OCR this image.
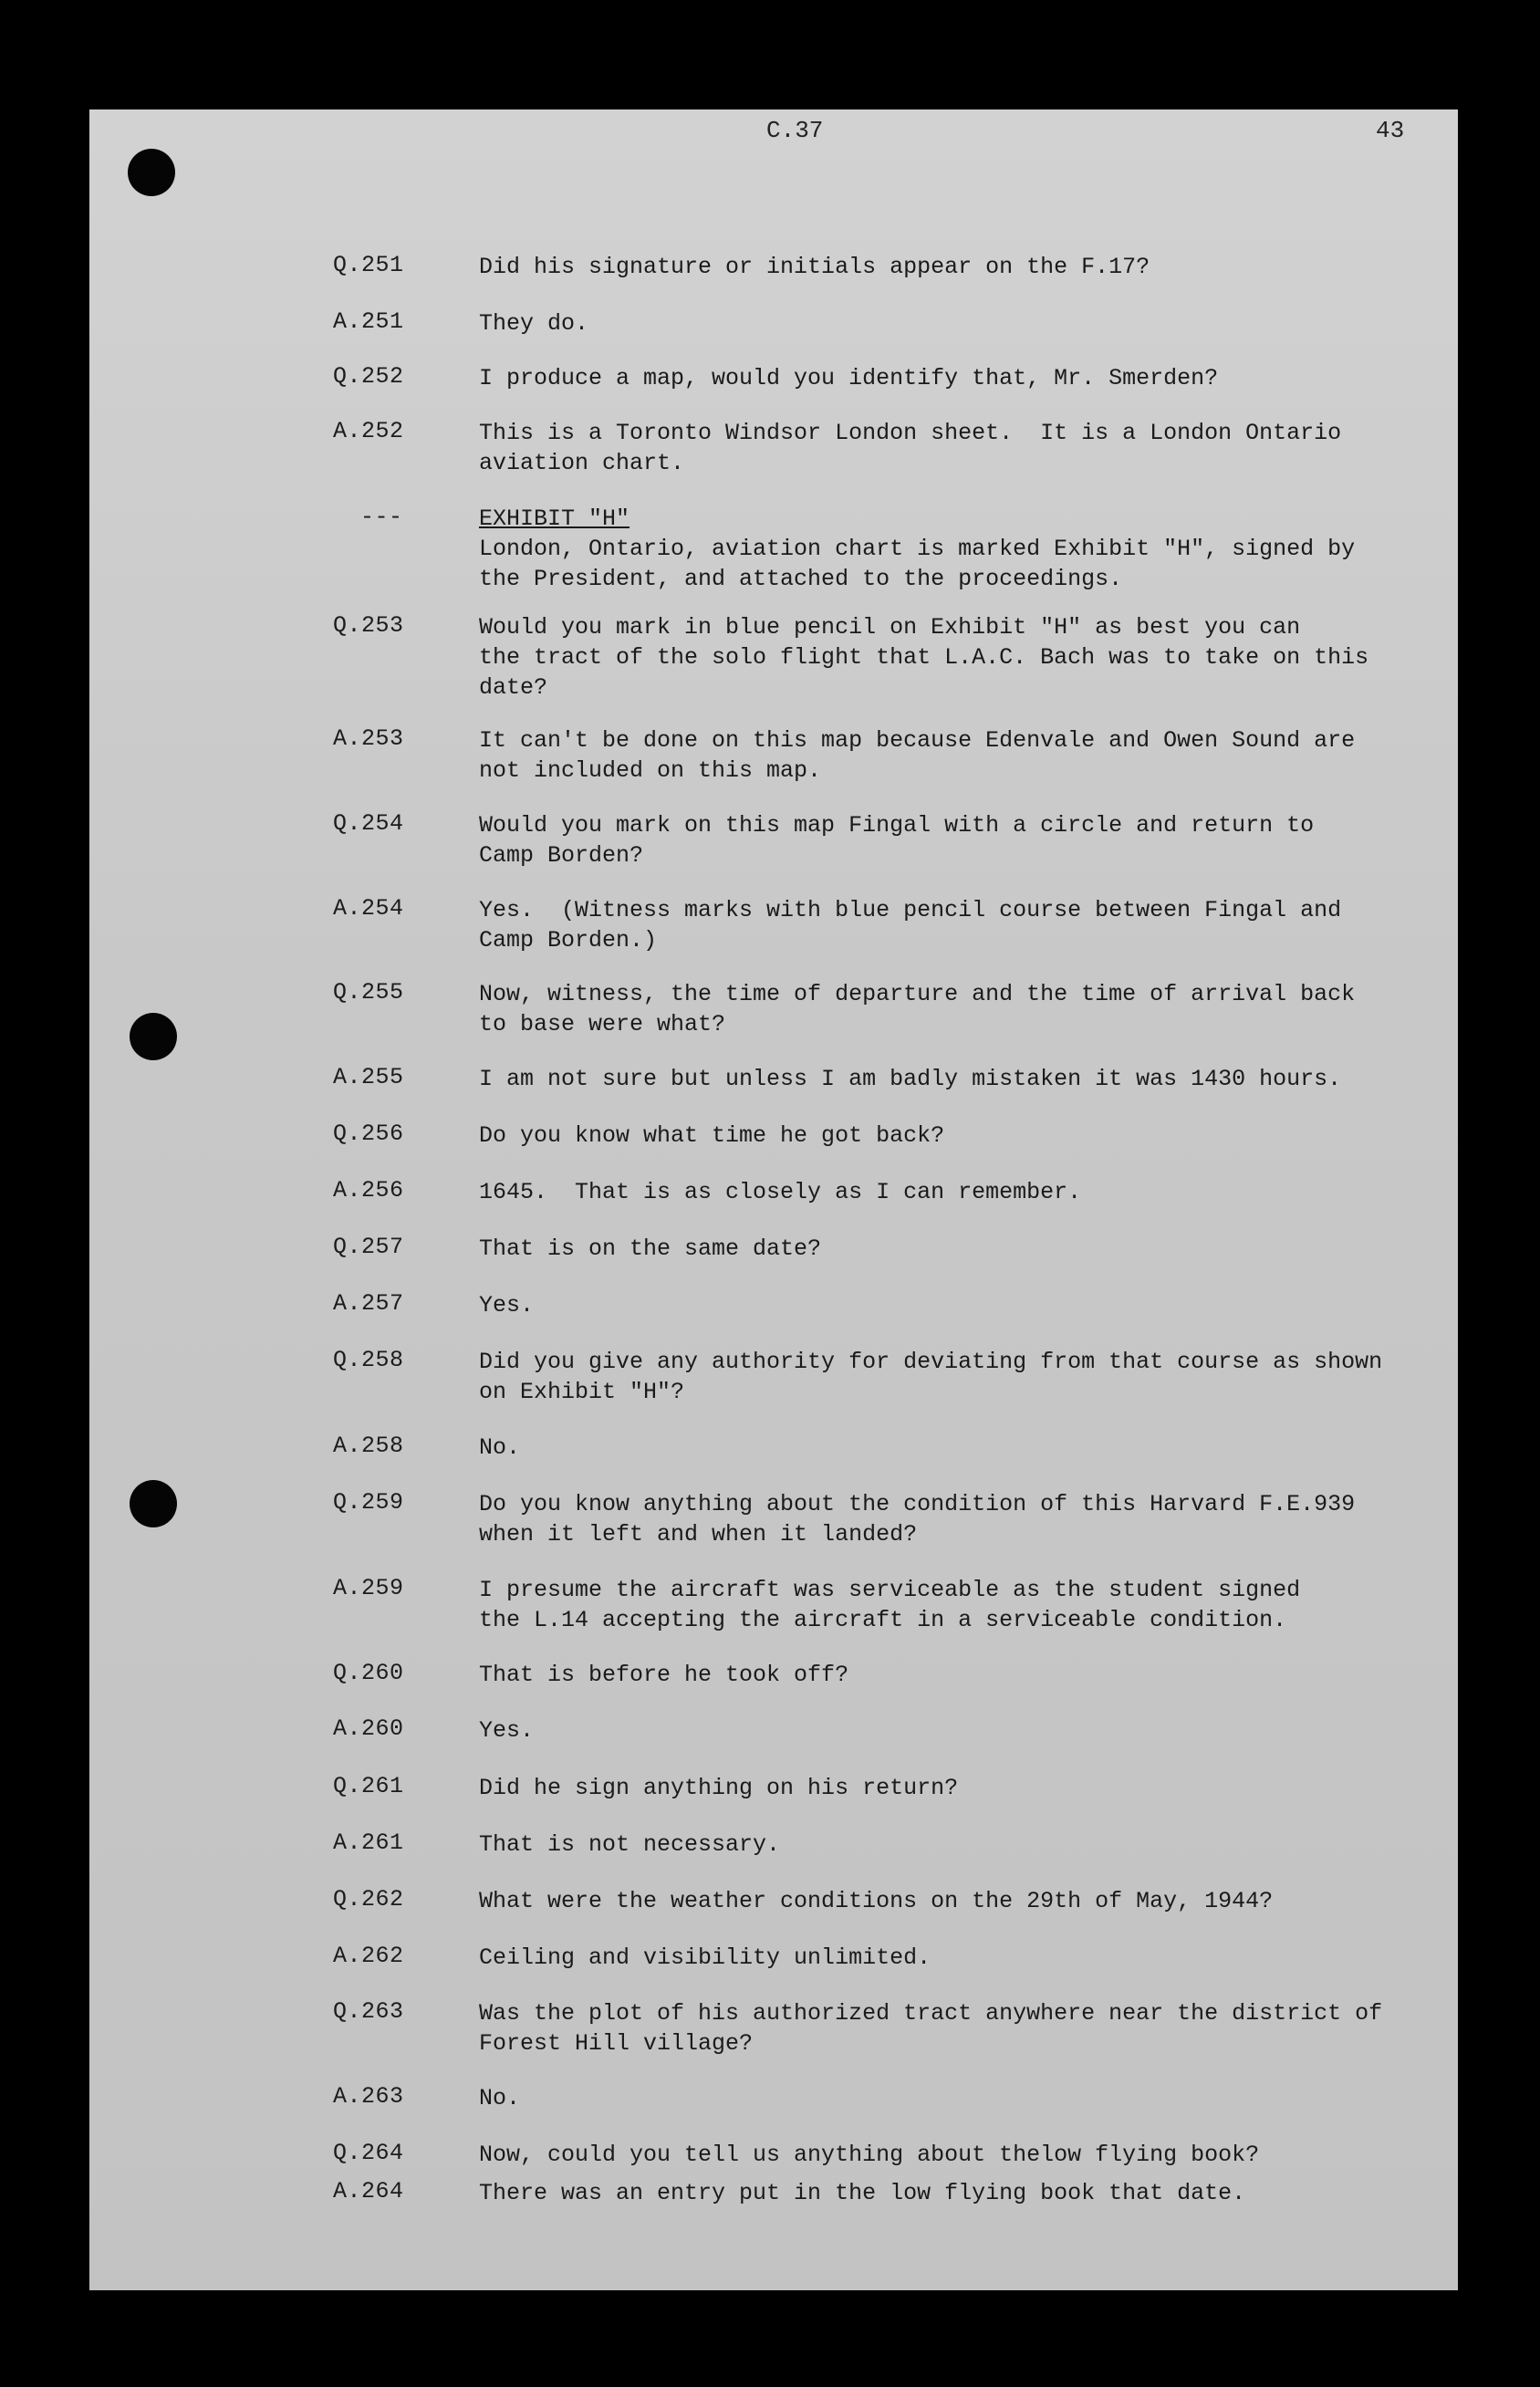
C.37	43
Q.251	Did his signature or initials appear on the F.17?
A.251	They do.
Q.252	I produce a map, would you identify that, Mr. Smerden?
A.252	This is a Toronto Windsor London sheet.  It is a London Ontario
aviation chart.
---	EXHIBIT "H"
London, Ontario, aviation chart is marked Exhibit "H", signed by
the President, and attached to the proceedings.
Q.253	Would you mark in blue pencil on Exhibit "H" as best you can
the tract of the solo flight that L.A.C. Bach was to take on this
date?
A.253	It can't be done on this map because Edenvale and Owen Sound are
not included on this map.
Q.254	Would you mark on this map Fingal with a circle and return to
Camp Borden?
A.254	Yes.  (Witness marks with blue pencil course between Fingal and
Camp Borden.)
Q.255	Now, witness, the time of departure and the time of arrival back
to base were what?
A.255	I am not sure but unless I am badly mistaken it was 1430 hours.
Q.256	Do you know what time he got back?
A.256	1645.  That is as closely as I can remember.
Q.257	That is on the same date?
A.257	Yes.
Q.258	Did you give any authority for deviating from that course as shown
on Exhibit "H"?
A.258	No.
Q.259	Do you know anything about the condition of this Harvard F.E.939
when it left and when it landed?
A.259	I presume the aircraft was serviceable as the student signed
the L.14 accepting the aircraft in a serviceable condition.
Q.260	That is before he took off?
A.260	Yes.
Q.261	Did he sign anything on his return?
A.261	That is not necessary.
Q.262	What were the weather conditions on the 29th of May, 1944?
A.262	Ceiling and visibility unlimited.
Q.263	Was the plot of his authorized tract anywhere near the district of
Forest Hill village?
A.263	No.
Q.264	Now, could you tell us anything about thelow flying book?
A.264	There was an entry put in the low flying book that date.
